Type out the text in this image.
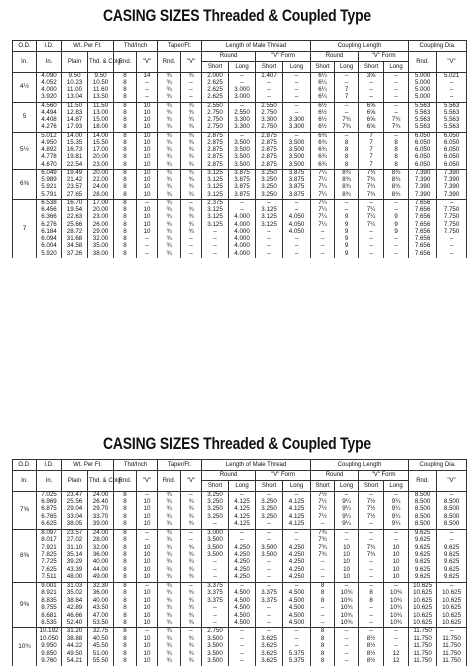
CASING SIZES Threaded & Coupled Type
O.D.	I.D.	Wt. Per Ft.		Thd/Inch		Taper/Ft.		Length of Male Thread				Coupling Length				Coupling Dia.	
In.	In.	Plain	Thd. & Cplg.	Rnd.	"V"	Rnd.	"V"	Round		"V" Form		Round		"V" Form		Rnd.	"V"
								Short	Long	Short	Long	Short	Long	Short	Long		
4½	4.090	9.50	9.50	8	14	¾	¾	2.000	–	1.407	–	6¼	–	3⅝	–	5.000	5.021
	4.052	10.23	10.50	8	–	¾	–	2.625	–	–	–	6¼	–	–	–	5.000	–
	4.000	11.00	11.60	8	–	¾	–	2.625	3.000	–	–	6¼	7	–	–	5.000	–
	3.920	13.04	13.50	8	–	¾	–	2.625	3.000	–	–	6¼	7	–	–	5.000	–
5	4.560	11.50	11.50	8	10	¾	¾	2.550	–	2.550	–	6½	–	6⅝	–	5.563	5.563
	4.494	12.83	13.00	8	10	¾	¾	2.750	2.550	2.750	–	6½	–	6⅝	–	5.563	5.563
	4.408	14.87	15.00	8	10	¾	¾	2.750	3.300	3.300	3.300	6½	7¾	6⅝	7¾	5.563	5.563
	4.276	17.93	18.00	8	10	¾	¾	2.750	3.300	2.750	3.300	6½	7¾	6⅝	7¾	5.563	5.563
5½	5.012	14.00	14.00	8	10	¾	¾	2.875	–	2.875	–	6¾	–	7	–	6.050	6.050
	4.950	15.35	15.50	8	10	¾	¾	2.875	3.500	2.875	3.500	6¾	8	7	8	6.050	6.050
	4.892	16.73	17.00	8	10	¾	¾	2.875	3.500	2.875	3.500	6¾	8	7	8	6.050	6.050
	4.778	19.81	20.00	8	10	¾	¾	2.875	3.500	2.875	3.500	6¾	8	7	8	6.050	6.050
	4.670	22.54	23.00	8	10	¾	¾	2.875	3.500	2.875	3.500	6¾	8	7	8	6.050	6.050
6⅝	6.049	19.49	20.00	8	10	¾	¾	3.125	3.875	3.250	3.875	7¼	8¾	7¾	8¾	7.390	7.390
	5.989	21.42	22.00	8	10	¾	¾	3.125	3.875	3.250	3.875	7¼	8¾	7¾	8¾	7.390	7.390
	5.921	23.57	24.00	8	10	¾	¾	3.125	3.875	3.250	3.875	7¼	8¾	7¾	8¾	7.390	7.390
	5.791	27.65	28.00	8	10	¾	¾	3.125	3.875	3.250	3.875	7¼	8¾	7¾	8¾	7.390	7.390
7	6.538	16.70	17.00	8	–	¾	–	2.375	–	–	–	7¼	–	–	–	7.656	–
	6.456	19.54	20.00	8	10	¾	¾	3.125	–	3.125	–	7¼	–	7¼	–	7.656	7.750
	6.366	22.63	23.00	8	10	¾	¾	3.125	4.000	3.125	4.050	7¼	9	7¼	9	7.656	7.750
	6.276	25.66	26.00	8	10	¾	¾	3.125	4.000	3.125	4.050	7¼	9	7¼	9	7.656	7.750
	6.184	28.72	29.00	8	10	¾	¾	–	4.000	–	4.050	–	9	–	9	7.656	7.750
	6.094	31.68	32.00	8	–	¾	–	–	4.000	–	–	–	9	–	–	7.656	–
	6.004	34.58	35.00	8	–	¾	–	–	4.000	–	–	–	9	–	–	7.656	–
	5.920	37.26	38.00	8	–	¾	–	–	4.000	–	–	–	9	–	–	7.656	–
CASING SIZES Threaded & Coupled Type
O.D.	I.D.	Wt. Per Ft.		Thd/Inch		Taper/Ft.		Length of Male Thread				Coupling Length				Coupling Dia.	
In.	In.	Plain	Thd. & Cplg.	Rnd.	"V"	Rnd.	"V"	Round		"V" Form		Round		"V" Form		Rnd.	"V"
								Short	Long	Short	Long	Short	Long	Short	Long		
7⅝	7.025	23.47	24.00	8	–	¾	–	3.250	–	–	–	7½	–	–	–	8.500	–
	6.969	25.56	26.40	8	10	¾	¾	3.250	4.125	3.250	4.125	7½	9¼	7½	9¼	8.500	8.500
	6.875	29.04	29.70	8	10	¾	¾	3.250	4.125	3.250	4.125	7½	9¼	7½	9¼	8.500	8.500
	6.765	33.04	33.70	8	10	¾	¾	3.250	4.125	3.250	4.125	7½	9¼	7½	9¼	8.500	8.500
	6.625	38.05	39.00	8	10	¾	¾	–	4.125	–	4.125	–	9¼	–	9¼	8.500	8.500
8⅝	8.097	23.57	24.00	8	–	¾	–	3.000	–	–	–	7¾	–	–	–	9.625	–
	8.017	27.02	28.00	8	–	¾	–	3.500	–	–	–	7¾	–	–	–	9.625	–
	7.921	31.10	32.00	8	10	¾	¾	3.500	4.250	3.500	4.250	7¾	10	7¾	10	9.625	9.625
	7.825	35.14	36.00	8	10	¾	¾	3.500	4.250	3.500	4.250	7¾	10	7¾	10	9.625	9.625
	7.725	39.29	40.00	8	10	¾	¾	–	4.250	–	4.250	–	10	–	10	9.625	9.625
	7.625	43.39	44.00	8	10	¾	¾	–	4.250	–	4.250	–	10	–	10	9.625	9.625
	7.511	48.00	49.00	8	10	¾	¾	–	4.250	–	4.250	–	10	–	10	9.625	9.625
9⅝	9.001	31.03	32.30	8	–	¾	–	3.375	–	–	–	8	–	–	–	10.625	–
	8.921	35.02	36.00	8	10	¾	¾	3.375	4.500	3.375	4.500	8	10¾	8	10¾	10.625	10.625
	8.835	38.84	40.00	8	10	¾	¾	3.375	4.500	3.375	4.500	8	10¾	8	10¾	10.625	10.625
	8.755	42.89	43.50	8	10	¾	¾	–	4.500	–	4.500	–	10¾	–	10¾	10.625	10.625
	8.681	46.66	47.00	8	10	¾	¾	–	4.500	–	4.500	–	10¾	–	10¾	10.625	10.625
	8.535	52.40	53.50	8	10	¾	¾	–	4.500	–	4.500	–	10¾	–	10¾	10.625	10.625
10¾	10.192	31.20	32.75	8	–	¾	–	2.750	–	–	–	8	–	–	–	11.750	–
	10.050	38.88	40.50	8	10	¾	¾	3.500	–	3.625	–	8	–	8½	–	11.750	11.750
	9.950	44.22	45.50	8	10	¾	¾	3.500	–	3.625	–	8	–	8½	–	11.750	11.750
	9.850	49.50	51.00	8	10	¾	¾	3.500	–	3.625	5.375	8	–	8½	12	11.750	11.750
	9.760	54.21	55.50	8	10	¾	¾	3.500	–	3.625	5.375	8	–	8½	12	11.750	11.750
